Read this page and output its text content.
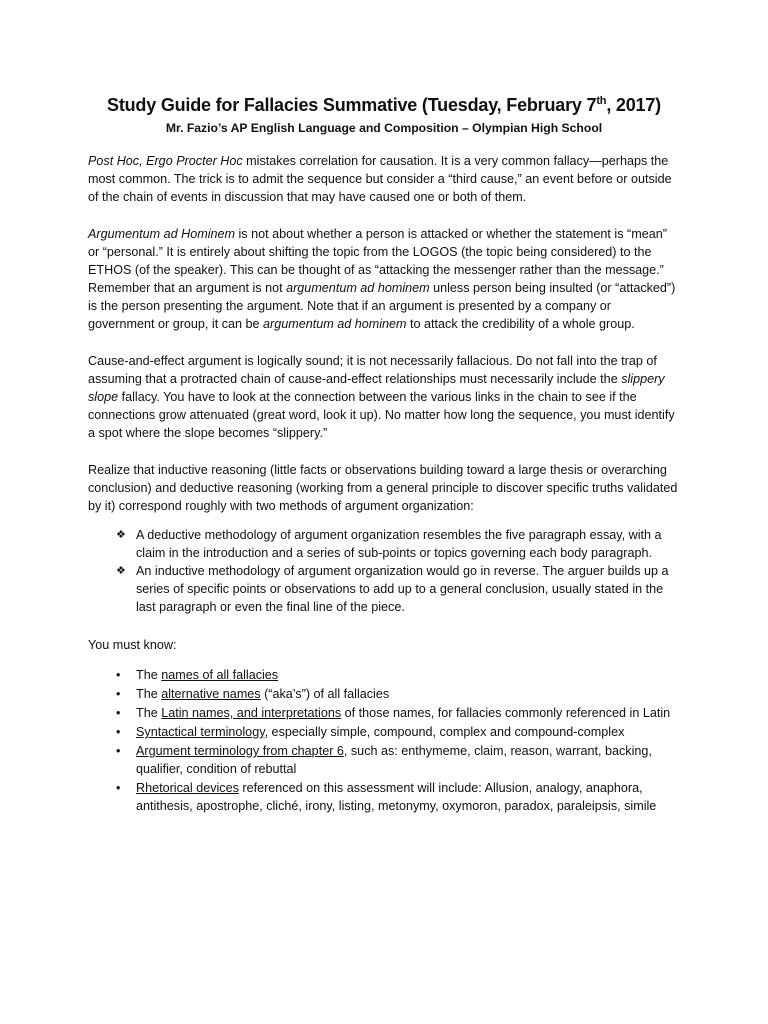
Study Guide for Fallacies Summative (Tuesday, February 7th, 2017)
Mr. Fazio’s AP English Language and Composition – Olympian High School

Post Hoc, Ergo Procter Hoc mistakes correlation for causation. It is a very common fallacy—perhaps the most common. The trick is to admit the sequence but consider a “third cause,” an event before or outside of the chain of events in discussion that may have caused one or both of them.

Argumentum ad Hominem is not about whether a person is attacked or whether the statement is “mean” or “personal.” It is entirely about shifting the topic from the LOGOS (the topic being considered) to the ETHOS (of the speaker). This can be thought of as “attacking the messenger rather than the message.” Remember that an argument is not argumentum ad hominem unless person being insulted (or “attacked”) is the person presenting the argument. Note that if an argument is presented by a company or government or group, it can be argumentum ad hominem to attack the credibility of a whole group.

Cause-and-effect argument is logically sound; it is not necessarily fallacious. Do not fall into the trap of assuming that a protracted chain of cause-and-effect relationships must necessarily include the slippery slope fallacy. You have to look at the connection between the various links in the chain to see if the connections grow attenuated (great word, look it up). No matter how long the sequence, you must identify a spot where the slope becomes “slippery.”

Realize that inductive reasoning (little facts or observations building toward a large thesis or overarching conclusion) and deductive reasoning (working from a general principle to discover specific truths validated by it) correspond roughly with two methods of argument organization:

❖ A deductive methodology of argument organization resembles the five paragraph essay, with a claim in the introduction and a series of sub-points or topics governing each body paragraph.
❖ An inductive methodology of argument organization would go in reverse. The arguer builds up a series of specific points or observations to add up to a general conclusion, usually stated in the last paragraph or even the final line of the piece.
You must know:
• The names of all fallacies
• The alternative names (“aka’s”) of all fallacies
• The Latin names, and interpretations of those names, for fallacies commonly referenced in Latin
• Syntactical terminology, especially simple, compound, complex and compound-complex
• Argument terminology from chapter 6, such as: enthymeme, claim, reason, warrant, backing, qualifier, condition of rebuttal
• Rhetorical devices referenced on this assessment will include: Allusion, analogy, anaphora, antithesis, apostrophe, cliché, irony, listing, metonymy, oxymoron, paradox, paraleipsis, simile
